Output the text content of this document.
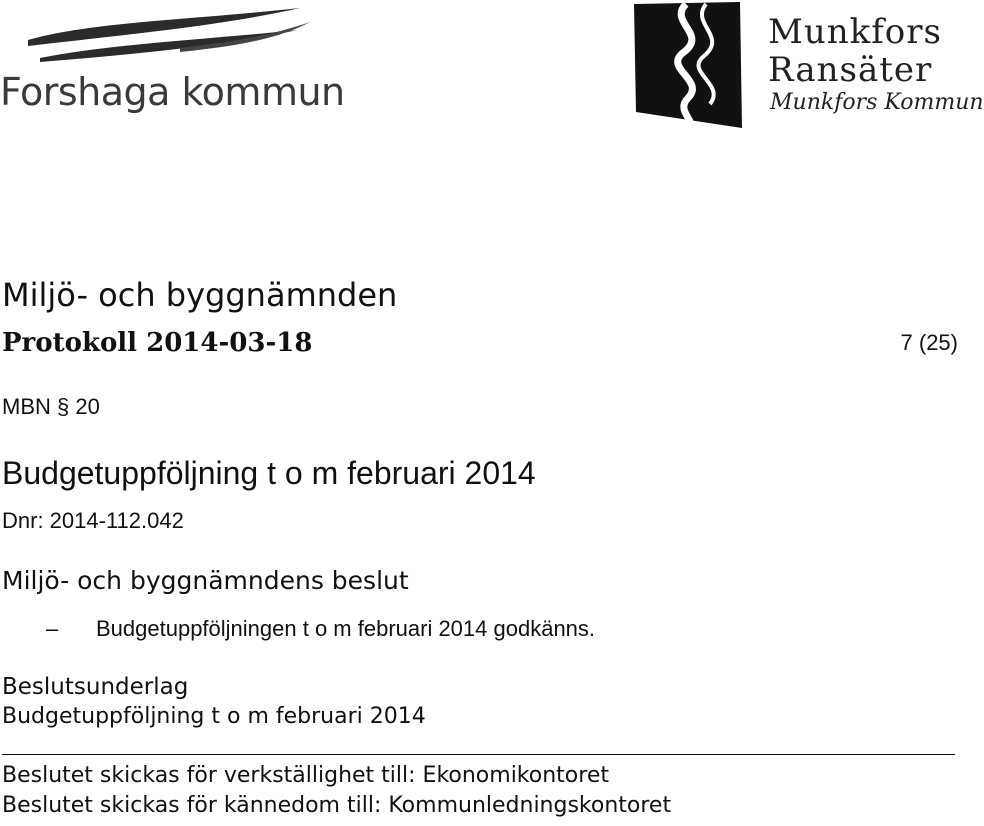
Forshaga kommun
Munkfors
Ransäter
Munkfors Kommun
Miljö- och byggnämnden
Protokoll 2014-03-18	7 (25)
MBN § 20
Budgetuppföljning t o m februari 2014
Dnr: 2014-112.042
Miljö- och byggnämndens beslut
– Budgetuppföljningen t o m februari 2014 godkänns.
Beslutsunderlag
Budgetuppföljning t o m februari 2014
Beslutet skickas för verkställighet till: Ekonomikontoret
Beslutet skickas för kännedom till: Kommunledningskontoret
